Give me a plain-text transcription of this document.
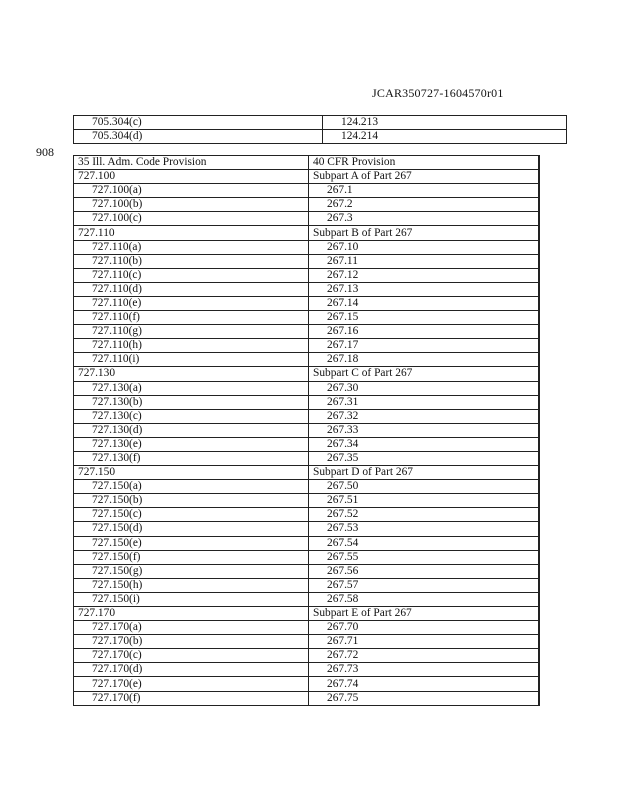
JCAR350727-1604570r01
908
705.304(c)	124.213
705.304(d)	124.214
35 Ill. Adm. Code Provision	40 CFR Provision
727.100	Subpart A of Part 267
727.100(a)	267.1
727.100(b)	267.2
727.100(c)	267.3
727.110	Subpart B of Part 267
727.110(a)	267.10
727.110(b)	267.11
727.110(c)	267.12
727.110(d)	267.13
727.110(e)	267.14
727.110(f)	267.15
727.110(g)	267.16
727.110(h)	267.17
727.110(i)	267.18
727.130	Subpart C of Part 267
727.130(a)	267.30
727.130(b)	267.31
727.130(c)	267.32
727.130(d)	267.33
727.130(e)	267.34
727.130(f)	267.35
727.150	Subpart D of Part 267
727.150(a)	267.50
727.150(b)	267.51
727.150(c)	267.52
727.150(d)	267.53
727.150(e)	267.54
727.150(f)	267.55
727.150(g)	267.56
727.150(h)	267.57
727.150(i)	267.58
727.170	Subpart E of Part 267
727.170(a)	267.70
727.170(b)	267.71
727.170(c)	267.72
727.170(d)	267.73
727.170(e)	267.74
727.170(f)	267.75
